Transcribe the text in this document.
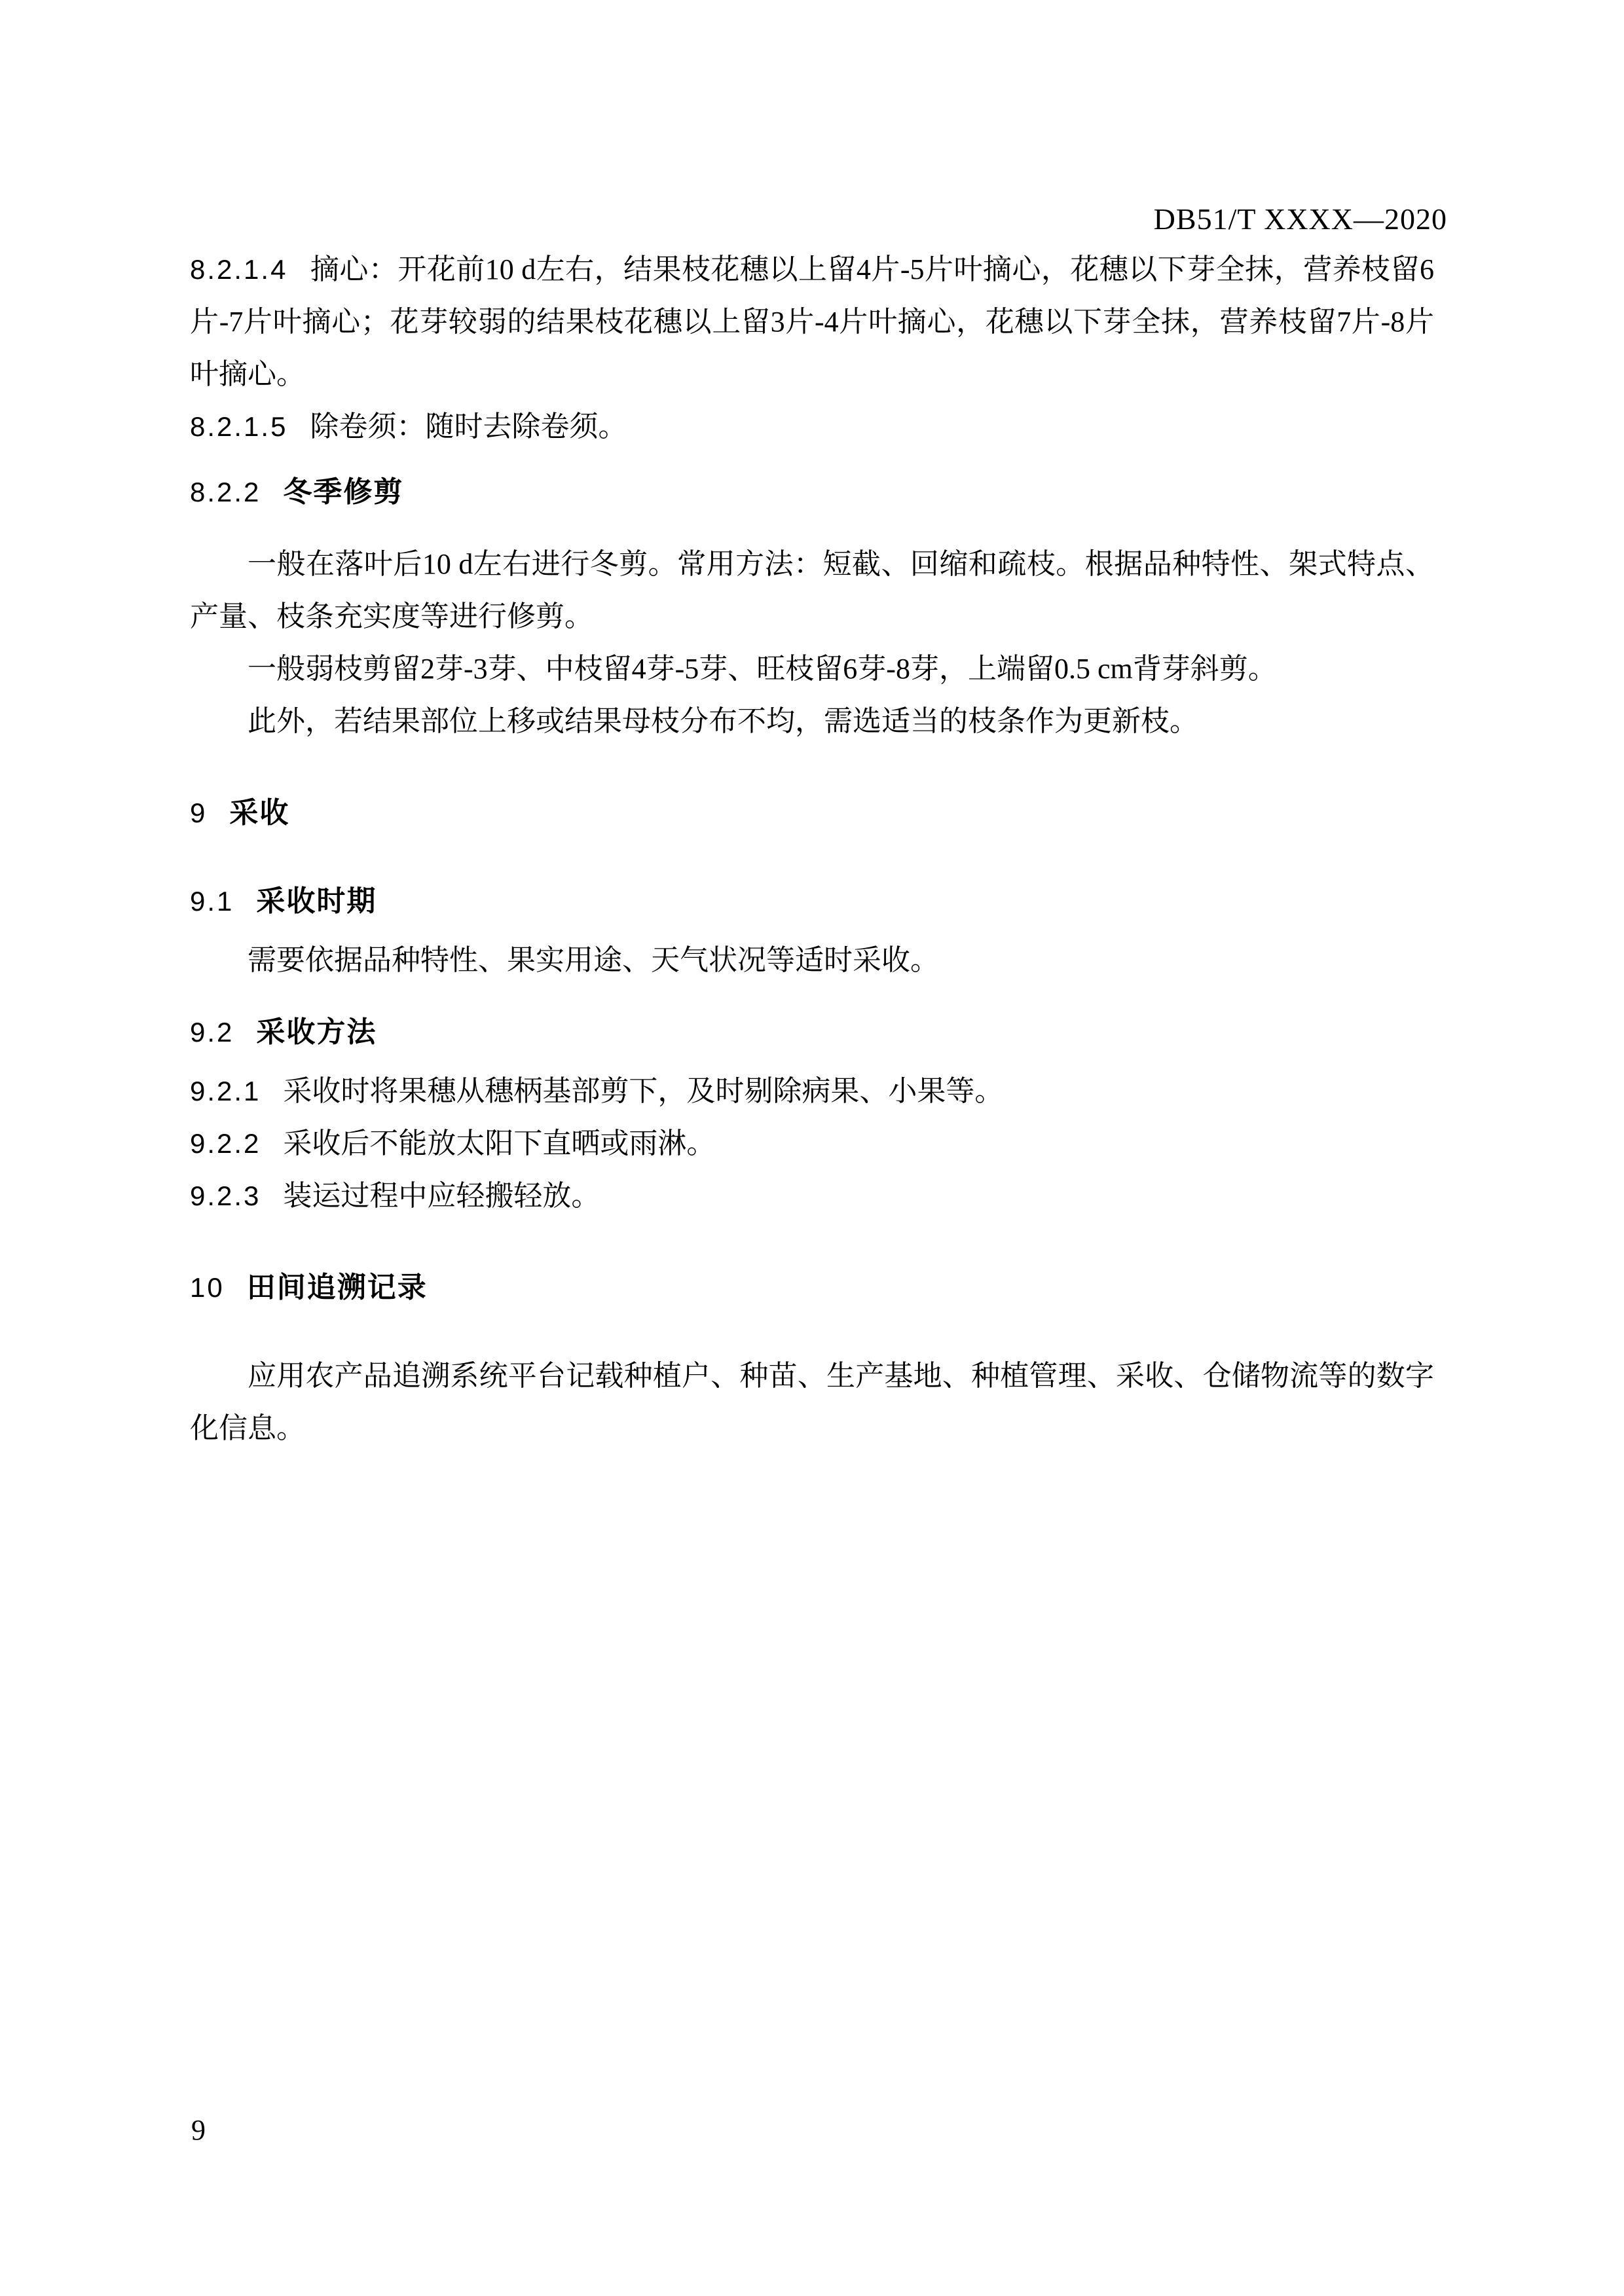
DB51/T XXXX—2020

8.2.1.4 摘心：开花前10 d左右，结果枝花穗以上留4片-5片叶摘心，花穗以下芽全抹，营养枝留6片-7片叶摘心；花芽较弱的结果枝花穗以上留3片-4片叶摘心，花穗以下芽全抹，营养枝留7片-8片叶摘心。

8.2.1.5 除卷须：随时去除卷须。

8.2.2 冬季修剪

一般在落叶后10 d左右进行冬剪。常用方法：短截、回缩和疏枝。根据品种特性、架式特点、产量、枝条充实度等进行修剪。

一般弱枝剪留2芽-3芽、中枝留4芽-5芽、旺枝留6芽-8芽，上端留0.5 cm背芽斜剪。

此外，若结果部位上移或结果母枝分布不均，需选适当的枝条作为更新枝。

9 采收

9.1 采收时期

需要依据品种特性、果实用途、天气状况等适时采收。

9.2 采收方法

9.2.1 采收时将果穗从穗柄基部剪下，及时剔除病果、小果等。

9.2.2 采收后不能放太阳下直晒或雨淋。

9.2.3 装运过程中应轻搬轻放。

10 田间追溯记录

应用农产品追溯系统平台记载种植户、种苗、生产基地、种植管理、采收、仓储物流等的数字化信息。

9
